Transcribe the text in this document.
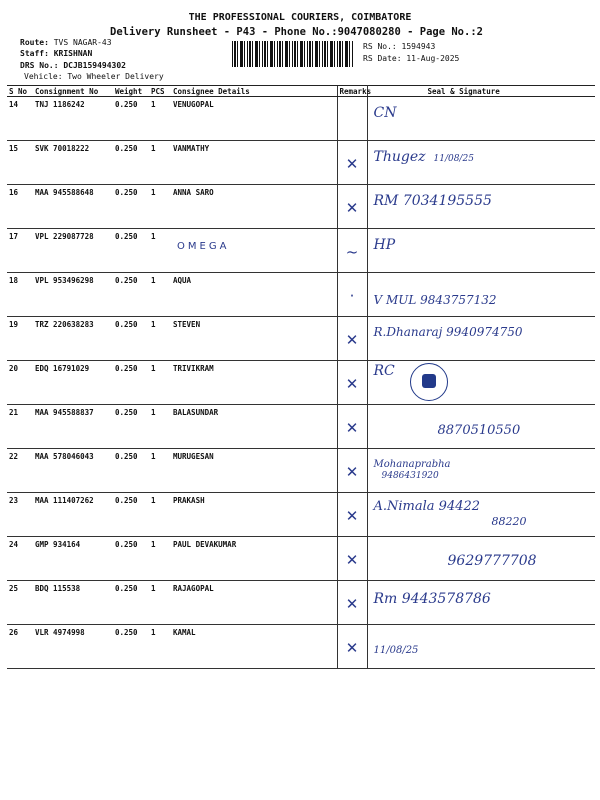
THE PROFESSIONAL COURIERS, COIMBATORE
Delivery Runsheet - P43 - Phone No.:9047080280 - Page No.:2
Route: TVS NAGAR-43
Staff: KRISHNAN
DRS No.: DCJB159494302
Vehicle: Two Wheeler Delivery
RS No.: 1594943
RS Date: 11-Aug-2025
S No	Consignment No	Weight	PCS	Consignee Details	Remarks	Seal & Signature
14	TNJ 1186242	0.250	1	VENUGOPAL		CN

15	SVK 70018222	0.250	1	VANMATHY	✕	Thugez 11/08/25

16	MAA 945588648	0.250	1	ANNA SARO	✕	RM 7034195555

17	VPL 229087728	0.250	1	OMEGA	~	HP

18	VPL 953496298	0.250	1	AQUA	·	V MUL 9843757132

19	TRZ 220638283	0.250	1	STEVEN	✕	R.Dhanaraj 9940974750

20	EDQ 16791029	0.250	1	TRIVIKRAM	✕	RC

21	MAA 945588837	0.250	1	BALASUNDAR	✕	8870510550

22	MAA 578046043	0.250	1	MURUGESAN	✕	Mohanaprabha
9486431920

23	MAA 111407262	0.250	1	PRAKASH	✕	A.Nimala 94422
88220

24	GMP 934164	0.250	1	PAUL DEVAKUMAR	✕	9629777708

25	BDQ 115538	0.250	1	RAJAGOPAL	✕	Rm 9443578786

26	VLR 4974998	0.250	1	KAMAL	✕	11/08/25
